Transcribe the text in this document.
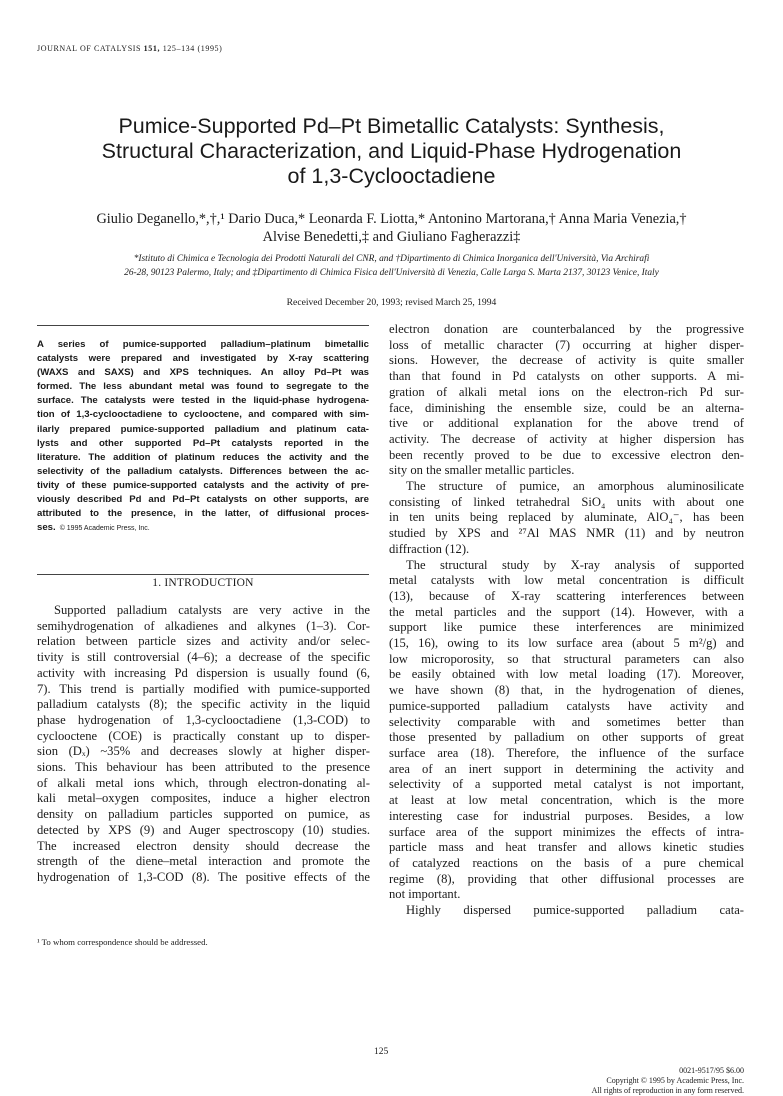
JOURNAL OF CATALYSIS 151, 125–134 (1995)
Pumice-Supported Pd–Pt Bimetallic Catalysts: Synthesis,
Structural Characterization, and Liquid-Phase Hydrogenation
of 1,3-Cyclooctadiene
Giulio Deganello,*,†,¹ Dario Duca,* Leonarda F. Liotta,* Antonino Martorana,† Anna Maria Venezia,†
Alvise Benedetti,‡ and Giuliano Fagherazzi‡
*Istituto di Chimica e Tecnologia dei Prodotti Naturali del CNR, and †Dipartimento di Chimica Inorganica dell'Università, Via Archirafi
26-28, 90123 Palermo, Italy; and ‡Dipartimento di Chimica Fisica dell'Università di Venezia, Calle Larga S. Marta 2137, 30123 Venice, Italy
Received December 20, 1993; revised March 25, 1994
A series of pumice-supported palladium–platinum bimetallic
catalysts were prepared and investigated by X-ray scattering
(WAXS and SAXS) and XPS techniques. An alloy Pd–Pt was
formed. The less abundant metal was found to segregate to the
surface. The catalysts were tested in the liquid-phase hydrogena-
tion of 1,3-cyclooctadiene to cyclooctene, and compared with sim-
ilarly prepared pumice-supported palladium and platinum cata-
lysts and other supported Pd–Pt catalysts reported in the
literature. The addition of platinum reduces the activity and the
selectivity of the palladium catalysts. Differences between the ac-
tivity of these pumice-supported catalysts and the activity of pre-
viously described Pd and Pd–Pt catalysts on other supports, are
attributed to the presence, in the latter, of diffusional proces-
ses. © 1995 Academic Press, Inc.
1. INTRODUCTION
Supported palladium catalysts are very active in the
semihydrogenation of alkadienes and alkynes (1–3). Cor-
relation between particle sizes and activity and/or selec-
tivity is still controversial (4–6); a decrease of the specific
activity with increasing Pd dispersion is usually found (6,
7). This trend is partially modified with pumice-supported
palladium catalysts (8); the specific activity in the liquid
phase hydrogenation of 1,3-cyclooctadiene (1,3-COD) to
cyclooctene (COE) is practically constant up to disper-
sion (Dₓ) ~35% and decreases slowly at higher disper-
sions. This behaviour has been attributed to the presence
of alkali metal ions which, through electron-donating al-
kali metal–oxygen composites, induce a higher electron
density on palladium particles supported on pumice, as
detected by XPS (9) and Auger spectroscopy (10) studies.
The increased electron density should decrease the
strength of the diene–metal interaction and promote the
hydrogenation of 1,3-COD (8). The positive effects of the
¹ To whom correspondence should be addressed.
electron donation are counterbalanced by the progressive
loss of metallic character (7) occurring at higher disper-
sions. However, the decrease of activity is quite smaller
than that found in Pd catalysts on other supports. A mi-
gration of alkali metal ions on the electron-rich Pd sur-
face, diminishing the ensemble size, could be an alterna-
tive or additional explanation for the above trend of
activity. The decrease of activity at higher dispersion has
been recently proved to be due to excessive electron den-
sity on the smaller metallic particles.
The structure of pumice, an amorphous aluminosilicate
consisting of linked tetrahedral SiO₄ units with about one
in ten units being replaced by aluminate, AlO₄⁻, has been
studied by XPS and ²⁷Al MAS NMR (11) and by neutron
diffraction (12).
The structural study by X-ray analysis of supported
metal catalysts with low metal concentration is difficult
(13), because of X-ray scattering interferences between
the metal particles and the support (14). However, with a
support like pumice these interferences are minimized
(15, 16), owing to its low surface area (about 5 m²/g) and
low microporosity, so that structural parameters can also
be easily obtained with low metal loading (17). Moreover,
we have shown (8) that, in the hydrogenation of dienes,
pumice-supported palladium catalysts have activity and
selectivity comparable with and sometimes better than
those presented by palladium on other supports of great
surface area (18). Therefore, the influence of the surface
area of an inert support in determining the activity and
selectivity of a supported metal catalyst is not important,
at least at low metal concentration, which is the more
interesting case for industrial purposes. Besides, a low
surface area of the support minimizes the effects of intra-
particle mass and heat transfer and allows kinetic studies
of catalyzed reactions on the basis of a pure chemical
regime (8), providing that other diffusional processes are
not important.
Highly dispersed pumice-supported palladium cata-
125
0021-9517/95 $6.00
Copyright © 1995 by Academic Press, Inc.
All rights of reproduction in any form reserved.
